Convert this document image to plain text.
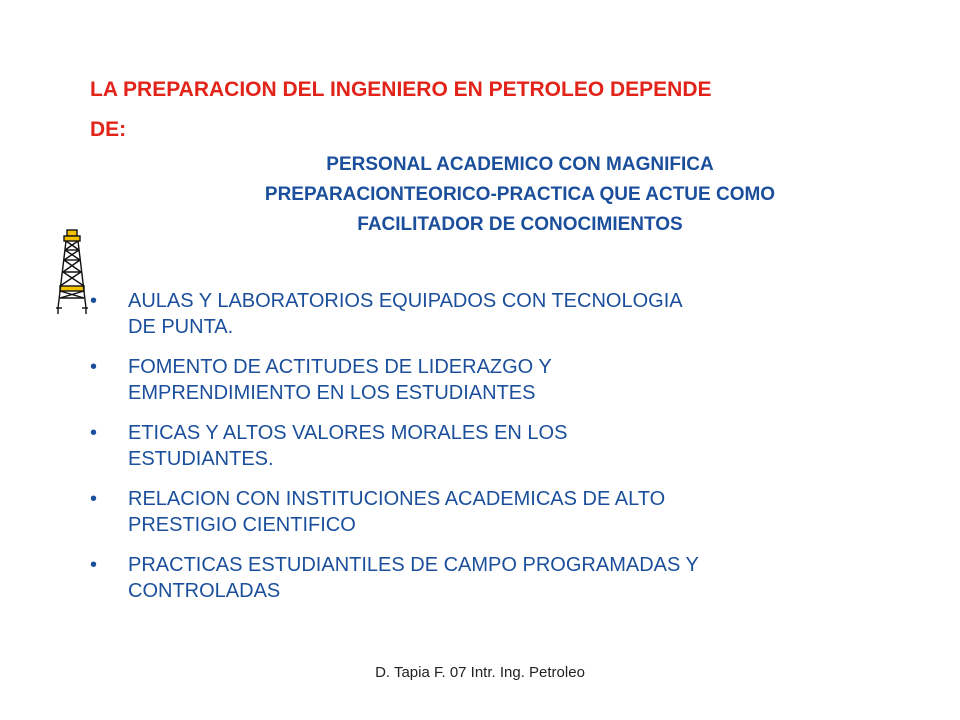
LA PREPARACION DEL INGENIERO EN PETROLEO DEPENDE
DE:
PERSONAL ACADEMICO CON MAGNIFICA
PREPARACIONTEORICO-PRACTICA QUE ACTUE COMO
FACILITADOR DE CONOCIMIENTOS
• AULAS Y LABORATORIOS EQUIPADOS CON TECNOLOGIA
DE PUNTA.
• FOMENTO DE ACTITUDES DE LIDERAZGO Y
EMPRENDIMIENTO EN LOS ESTUDIANTES
• ETICAS Y ALTOS VALORES MORALES EN LOS
ESTUDIANTES.
• RELACION CON INSTITUCIONES ACADEMICAS DE ALTO
PRESTIGIO CIENTIFICO
• PRACTICAS ESTUDIANTILES DE CAMPO PROGRAMADAS Y
CONTROLADAS
D. Tapia F. 07 Intr. Ing. Petroleo
